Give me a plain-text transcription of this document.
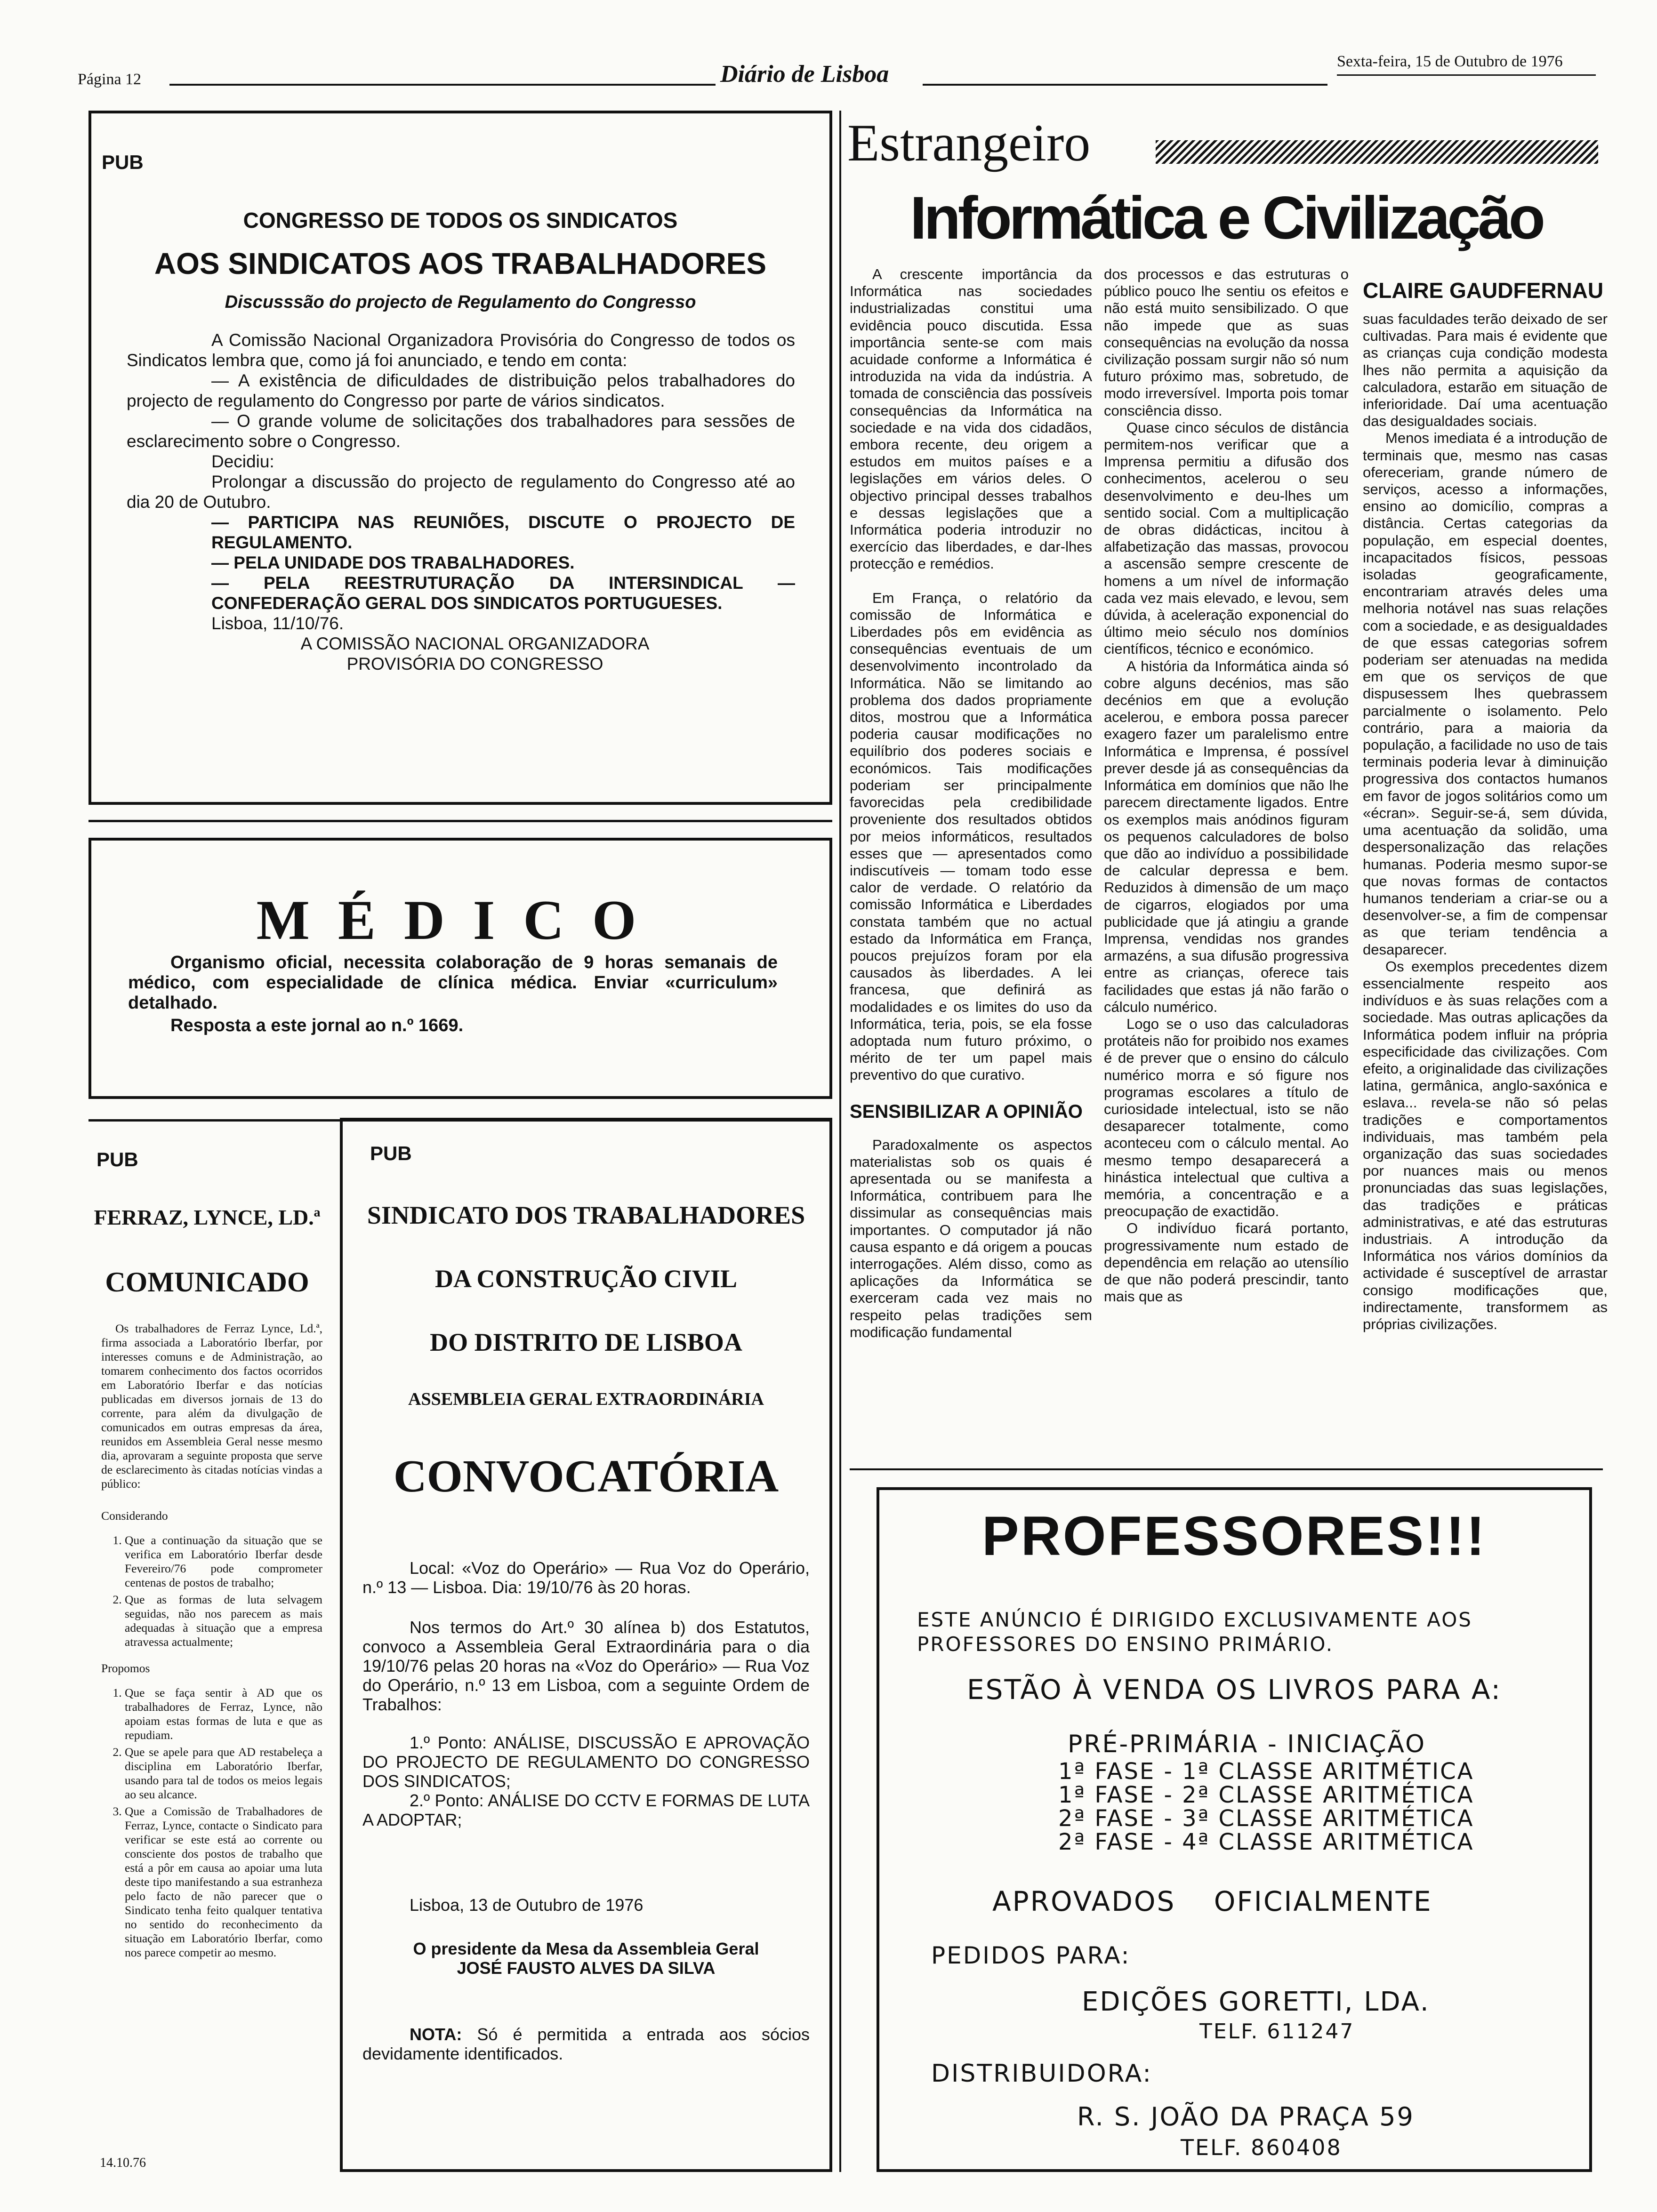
Página 12	Diário de Lisboa	Sexta-feira, 15 de Outubro de 1976
PUB
CONGRESSO DE TODOS OS SINDICATOS
AOS SINDICATOS AOS TRABALHADORES
Discusssão do projecto de Regulamento do Congresso
A Comissão Nacional Organizadora Provisória do Congresso de todos os Sindicatos lembra que, como já foi anunciado, e tendo em conta:
— A existência de dificuldades de distribuição pelos trabalhadores do projecto de regulamento do Congresso por parte de vários sindicatos.
— O grande volume de solicitações dos trabalhadores para sessões de esclarecimento sobre o Congresso.
Decidiu:
Prolongar a discussão do projecto de regulamento do Congresso até ao dia 20 de Outubro.
— PARTICIPA NAS REUNIÕES, DISCUTE O PROJECTO DE REGULAMENTO.
— PELA UNIDADE DOS TRABALHADORES.
— PELA REESTRUTURAÇÃO DA INTERSINDICAL — CONFEDERAÇÃO GERAL DOS SINDICATOS PORTUGUESES.
Lisboa, 11/10/76.
A COMISSÃO NACIONAL ORGANIZADORA PROVISÓRIA DO CONGRESSO
MÉDICO
Organismo oficial, necessita colaboração de 9 horas semanais de médico, com especialidade de clínica médica. Enviar «curriculum» detalhado.
Resposta a este jornal ao n.º 1669.
PUB
FERRAZ, LYNCE, LD.ª
COMUNICADO
Os trabalhadores de Ferraz Lynce, Ld.ª, firma associada a Laboratório Iberfar, por interesses comuns e de Administração, ao tomarem conhecimento dos factos ocorridos em Laboratório Iberfar e das notícias publicadas em diversos jornais de 13 do corrente, para além da divulgação de comunicados em outras empresas da área, reunidos em Assembleia Geral nesse mesmo dia, aprovaram a seguinte proposta que serve de esclarecimento às citadas notícias vindas a público:
Considerando
1. Que a continuação da situação que se verifica em Laboratório Iberfar desde Fevereiro/76 pode comprometer centenas de postos de trabalho;
2. Que as formas de luta selvagem seguidas, não nos parecem as mais adequadas à situação que a empresa atravessa actualmente;
Propomos
1. Que se faça sentir à AD que os trabalhadores de Ferraz, Lynce, não apoiam estas formas de luta e que as repudiam.
2. Que se apele para que AD restabeleça a disciplina em Laboratório Iberfar, usando para tal de todos os meios legais ao seu alcance.
3. Que a Comissão de Trabalhadores de Ferraz, Lynce, contacte o Sindicato para verificar se este está ao corrente ou consciente dos postos de trabalho que está a pôr em causa ao apoiar uma luta deste tipo manifestando a sua estranheza pelo facto de não parecer que o Sindicato tenha feito qualquer tentativa no sentido do reconhecimento da situação em Laboratório Iberfar, como nos parece competir ao mesmo.
14.10.76
PUB
SINDICATO DOS TRABALHADORES
DA CONSTRUÇÃO CIVIL
DO DISTRITO DE LISBOA
ASSEMBLEIA GERAL EXTRAORDINÁRIA
CONVOCATÓRIA
Local: «Voz do Operário» — Rua Voz do Operário, n.º 13 — Lisboa. Dia: 19/10/76 às 20 horas.
Nos termos do Art.º 30 alínea b) dos Estatutos, convoco a Assembleia Geral Extraordinária para o dia 19/10/76 pelas 20 horas na «Voz do Operário» — Rua Voz do Operário, n.º 13 em Lisboa, com a seguinte Ordem de Trabalhos:
1.º Ponto: ANÁLISE, DISCUSSÃO E APROVAÇÃO DO PROJECTO DE REGULAMENTO DO CONGRESSO DOS SINDICATOS;
2.º Ponto: ANÁLISE DO CCTV E FORMAS DE LUTA A ADOPTAR;
Lisboa, 13 de Outubro de 1976
O presidente da Mesa da Assembleia Geral
JOSÉ FAUSTO ALVES DA SILVA
NOTA: Só é permitida a entrada aos sócios devidamente identificados.
Estrangeiro
Informática e Civilização

A crescente importância da Informática nas sociedades industrializadas constitui uma evidência pouco discutida. Essa importância sente-se com mais acuidade conforme a Informática é introduzida na vida da indústria. A tomada de consciência das possíveis consequências da Informática na sociedade e na vida dos cidadãos, embora recente, deu origem a estudos em muitos países e a legislações em vários deles. O objectivo principal desses trabalhos e dessas legislações que a Informática poderia introduzir no exercício das liberdades, e dar-lhes protecção e remédios.

Em França, o relatório da comissão de Informática e Liberdades pôs em evidência as consequências eventuais de um desenvolvimento incontrolado da Informática. Não se limitando ao problema dos dados propriamente ditos, mostrou que a Informática poderia causar modificações no equilíbrio dos poderes sociais e económicos. Tais modificações poderiam ser principalmente favorecidas pela credibilidade proveniente dos resultados obtidos por meios informáticos, resultados esses que — apresentados como indiscutíveis — tomam todo esse calor de verdade. O relatório da comissão Informática e Liberdades constata também que no actual estado da Informática em França, poucos prejuízos foram por ela causados às liberdades. A lei francesa, que definirá as modalidades e os limites do uso da Informática, teria, pois, se ela fosse adoptada num futuro próximo, o mérito de ter um papel mais preventivo do que curativo.

SENSIBILIZAR A OPINIÃO

Paradoxalmente os aspectos materialistas sob os quais é apresentada ou se manifesta a Informática, contribuem para lhe dissimular as consequências mais importantes. O computador já não causa espanto e dá origem a poucas interrogações. Além disso, como as aplicações da Informática se exerceram cada vez mais no respeito pelas tradições sem modificação fundamental

dos processos e das estruturas o público pouco lhe sentiu os efeitos e não está muito sensibilizado. O que não impede que as suas consequências na evolução da nossa civilização possam surgir não só num futuro próximo mas, sobretudo, de modo irreversível. Importa pois tomar consciência disso.

Quase cinco séculos de distância permitem-nos verificar que a Imprensa permitiu a difusão dos conhecimentos, acelerou o seu desenvolvimento e deu-lhes um sentido social. Com a multiplicação de obras didácticas, incitou à alfabetização das massas, provocou a ascensão sempre crescente de homens a um nível de informação cada vez mais elevado, e levou, sem dúvida, à aceleração exponencial do último meio século nos domínios científicos, técnico e económico.

A história da Informática ainda só cobre alguns decénios, mas são decénios em que a evolução acelerou, e embora possa parecer exagero fazer um paralelismo entre Informática e Imprensa, é possível prever desde já as consequências da Informática em domínios que não lhe parecem directamente ligados. Entre os exemplos mais anódinos figuram os pequenos calculadores de bolso que dão ao indivíduo a possibilidade de calcular depressa e bem. Reduzidos à dimensão de um maço de cigarros, elogiados por uma publicidade que já atingiu a grande Imprensa, vendidas nos grandes armazéns, a sua difusão progressiva entre as crianças, oferece tais facilidades que estas já não farão o cálculo numérico.

Logo se o uso das calculadoras protáteis não for proibido nos exames é de prever que o ensino do cálculo numérico morra e só figure nos programas escolares a título de curiosidade intelectual, isto se não desaparecer totalmente, como aconteceu com o cálculo mental. Ao mesmo tempo desaparecerá a hinástica intelectual que cultiva a memória, a concentração e a preocupação de exactidão.

O indivíduo ficará portanto, progressivamente num estado de dependência em relação ao utensílio de que não poderá prescindir, tanto mais que as

CLAIRE GAUDFERNAU

suas faculdades terão deixado de ser cultivadas. Para mais é evidente que as crianças cuja condição modesta lhes não permita a aquisição da calculadora, estarão em situação de inferioridade. Daí uma acentuação das desigualdades sociais.

Menos imediata é a introdução de terminais que, mesmo nas casas ofereceriam, grande número de serviços, acesso a informações, ensino ao domicílio, compras a distância. Certas categorias da população, em especial doentes, incapacitados físicos, pessoas isoladas geograficamente, encontrariam através deles uma melhoria notável nas suas relações com a sociedade, e as desigualdades de que essas categorias sofrem poderiam ser atenuadas na medida em que os serviços de que dispusessem lhes quebrassem parcialmente o isolamento. Pelo contrário, para a maioria da população, a facilidade no uso de tais terminais poderia levar à diminuição progressiva dos contactos humanos em favor de jogos solitários como um «écran». Seguir-se-á, sem dúvida, uma acentuação da solidão, uma despersonalização das relações humanas. Poderia mesmo supor-se que novas formas de contactos humanos tenderiam a criar-se ou a desenvolver-se, a fim de compensar as que teriam tendência a desaparecer.

Os exemplos precedentes dizem essencialmente respeito aos indivíduos e às suas relações com a sociedade. Mas outras aplicações da Informática podem influir na própria especificidade das civilizações. Com efeito, a originalidade das civilizações latina, germânica, anglo-saxónica e eslava... revela-se não só pelas tradições e comportamentos individuais, mas também pela organização das suas sociedades por nuances mais ou menos pronunciadas das suas legislações, das tradições e práticas administrativas, e até das estruturas industriais. A introdução da Informática nos vários domínios da actividade é susceptível de arrastar consigo modificações que, indirectamente, transformem as próprias civilizações.

PROFESSORES!!!
ESTE ANÚNCIO É DIRIGIDO EXCLUSIVAMENTE AOS PROFESSORES DO ENSINO PRIMÁRIO.
ESTÃO À VENDA OS LIVROS PARA A:
PRÉ-PRIMÁRIA - INICIAÇÃO
1ª FASE - 1ª CLASSE ARITMÉTICA
1ª FASE - 2ª CLASSE ARITMÉTICA
2ª FASE - 3ª CLASSE ARITMÉTICA
2ª FASE - 4ª CLASSE ARITMÉTICA
APROVADOS OFICIALMENTE
PEDIDOS PARA:
EDIÇÕES GORETTI, LDA.
TELF. 611247
DISTRIBUIDORA:
R. S. JOÃO DA PRAÇA 59
TELF. 860408
